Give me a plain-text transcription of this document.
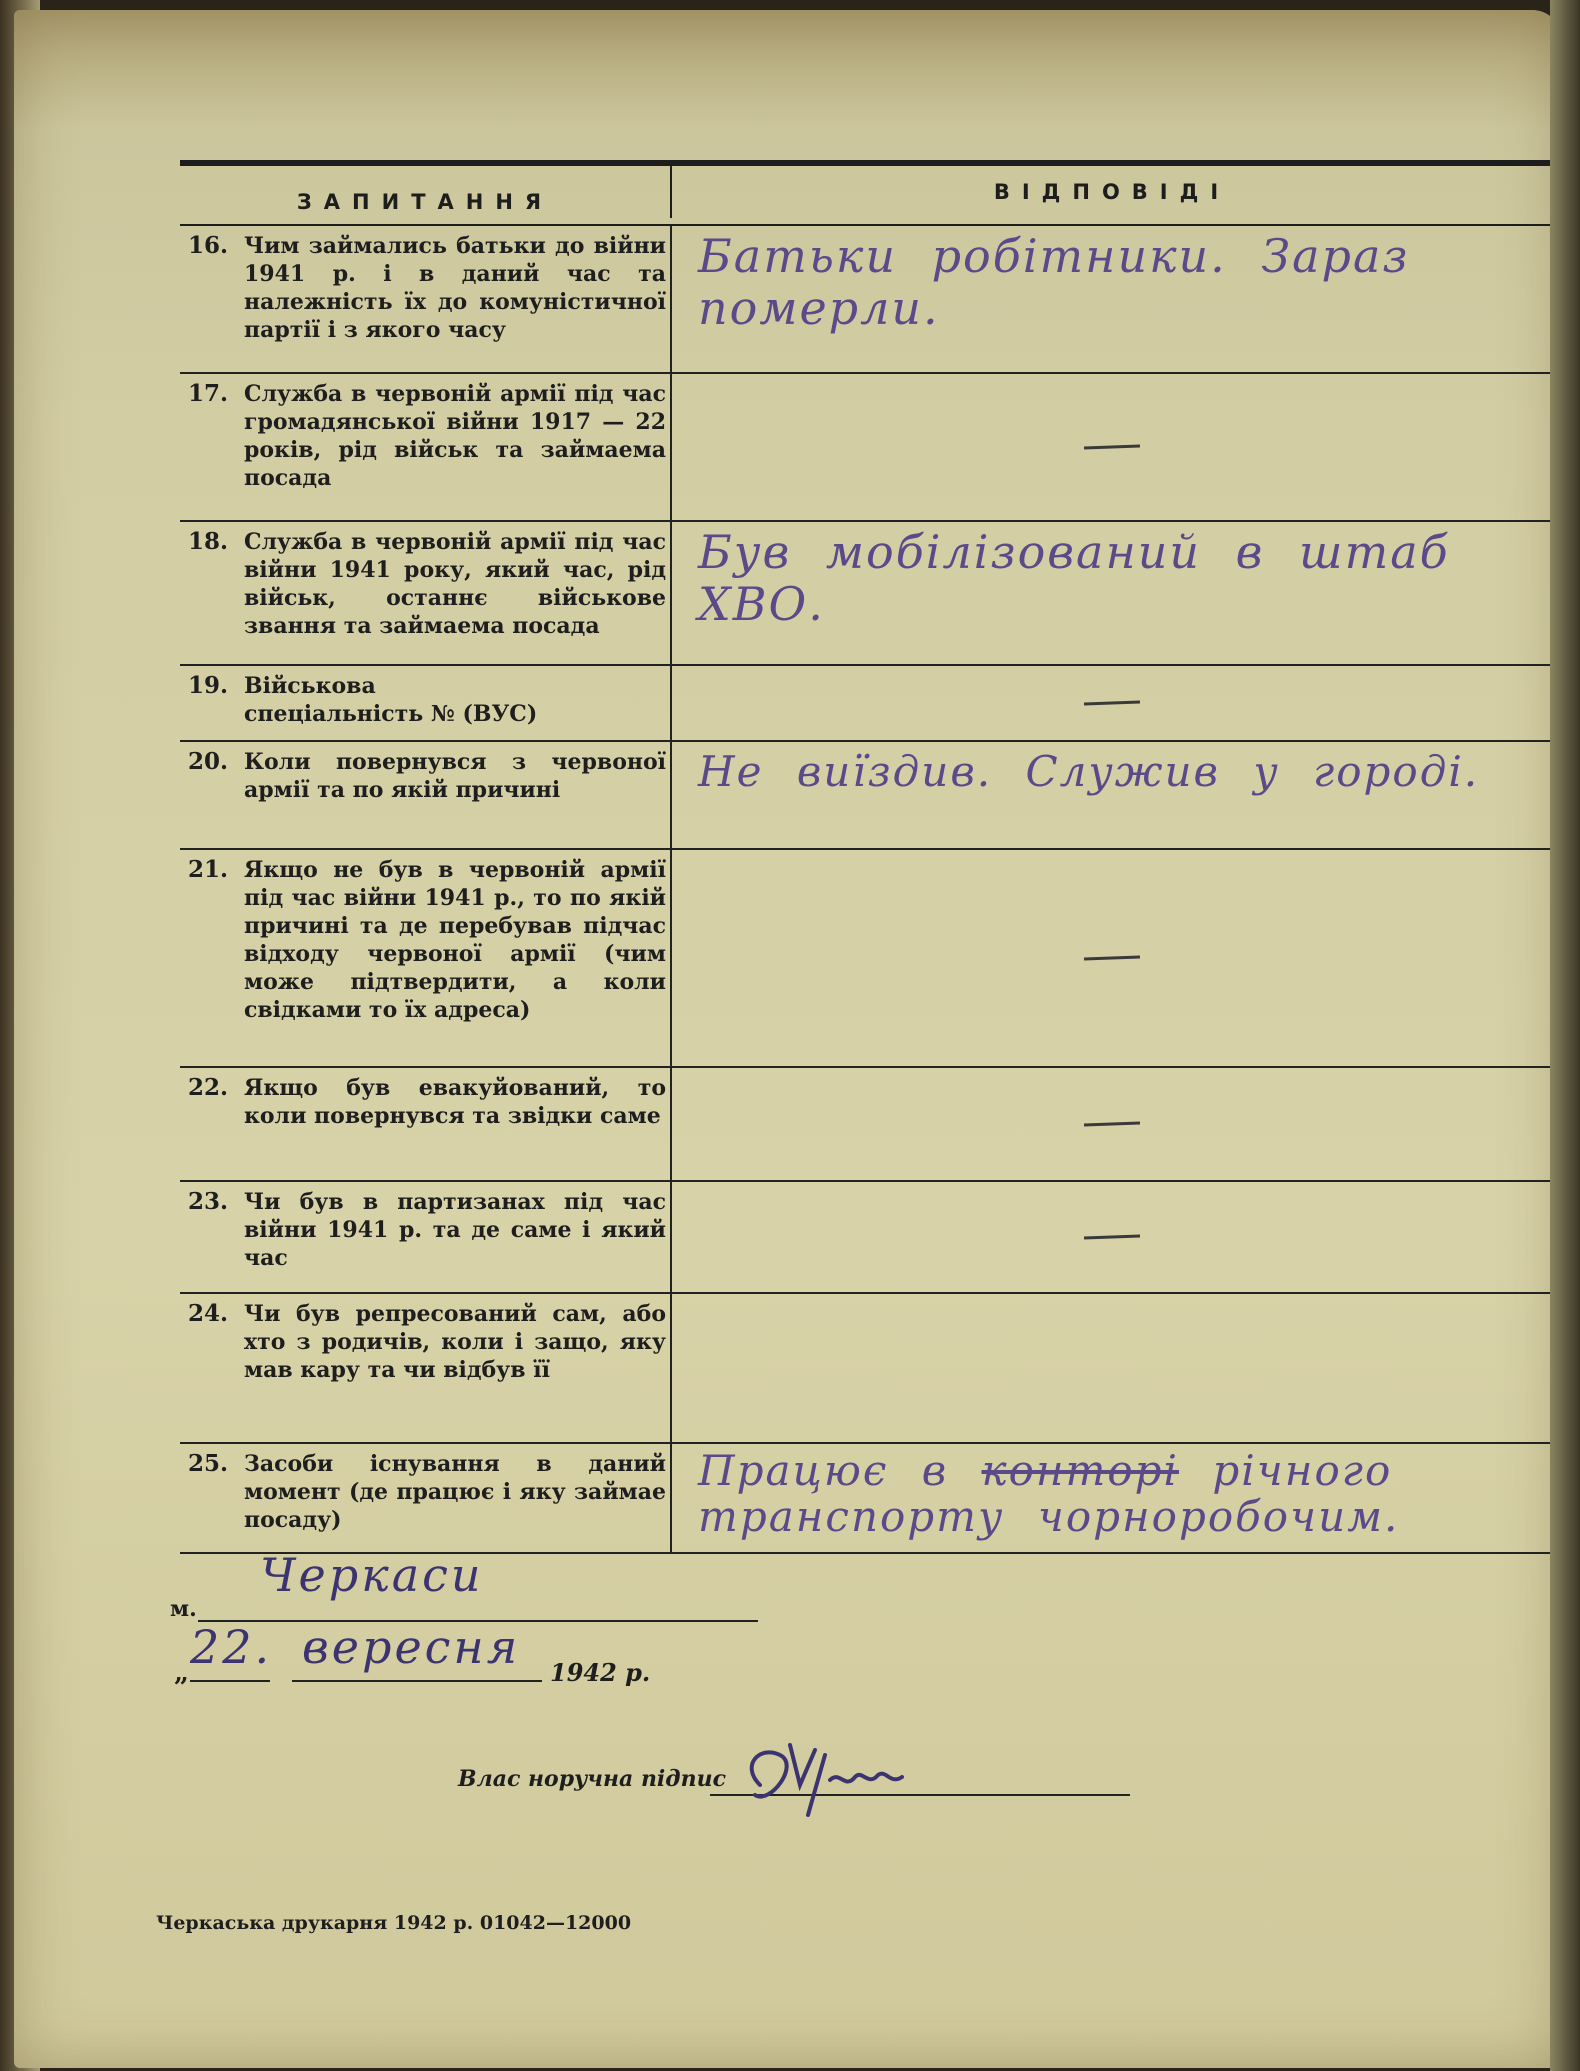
ЗАПИТАННЯ	ВІДПОВІДІ
16. Чим займались батьки до війни 1941 р. і в даний час та належність їх до комуністичної партії і з якого часу
Батьки робітники. Зараз померли.
17. Служба в червоній армії під час громадянської війни 1917 — 22 років, рід військ та займаема посада
18. Служба в червоній армії під час війни 1941 року, який час, рід військ, останнє військове звання та займаема посада
Був мобілізований в штаб ХВО.
19. Військова спеціальність № (ВУС)
20. Коли повернувся з червоної армії та по якій причині	Не виїздив. Служив у городі.
21. Якщо не був в червоній армії під час війни 1941 р., то по якій причині та де перебував підчас відходу червоної армії (чим може підтвердити, а коли свідками то їх адреса)
22. Якщо був евакуйований, то коли повернувся та звідки саме
23. Чи був в партизанах під час війни 1941 р. та де саме і який час
24. Чи був репресований сам, або хто з родичів, коли і защо, яку мав кару та чи відбув її
25. Засоби існування в даний момент (де працює і яку займае посаду)
Працює в конторі річного транспорту чорноробочим.
м.
Черкаси
„ 22. вересня 1942 р.
Влас норучна підпис
Черкаська друкарня 1942 р. 01042—12000
